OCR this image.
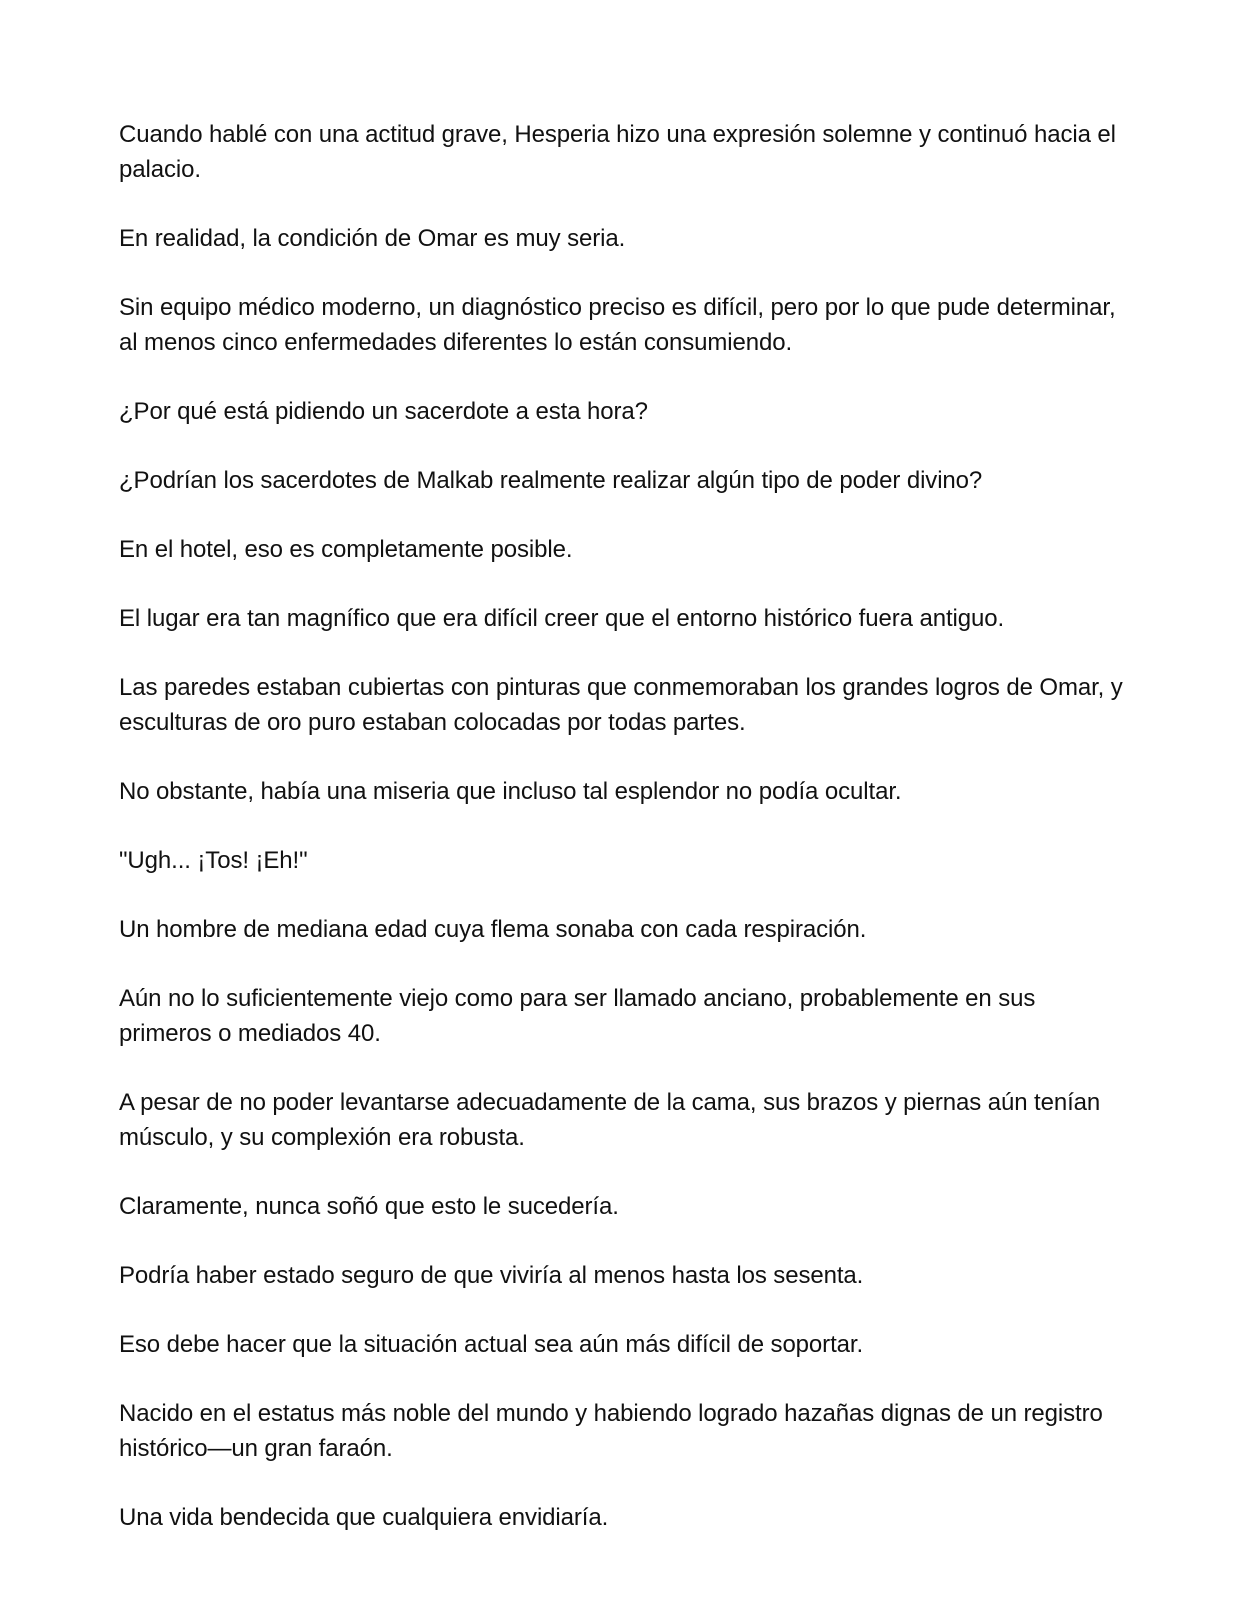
Cuando hablé con una actitud grave, Hesperia hizo una expresión solemne y continuó hacia el palacio.

En realidad, la condición de Omar es muy seria.

Sin equipo médico moderno, un diagnóstico preciso es difícil, pero por lo que pude determinar, al menos cinco enfermedades diferentes lo están consumiendo.

¿Por qué está pidiendo un sacerdote a esta hora?

¿Podrían los sacerdotes de Malkab realmente realizar algún tipo de poder divino?

En el hotel, eso es completamente posible.

El lugar era tan magnífico que era difícil creer que el entorno histórico fuera antiguo.

Las paredes estaban cubiertas con pinturas que conmemoraban los grandes logros de Omar, y esculturas de oro puro estaban colocadas por todas partes.

No obstante, había una miseria que incluso tal esplendor no podía ocultar.

"Ugh... ¡Tos! ¡Eh!"

Un hombre de mediana edad cuya flema sonaba con cada respiración.

Aún no lo suficientemente viejo como para ser llamado anciano, probablemente en sus primeros o mediados 40.

A pesar de no poder levantarse adecuadamente de la cama, sus brazos y piernas aún tenían músculo, y su complexión era robusta.

Claramente, nunca soñó que esto le sucedería.

Podría haber estado seguro de que viviría al menos hasta los sesenta.

Eso debe hacer que la situación actual sea aún más difícil de soportar.

Nacido en el estatus más noble del mundo y habiendo logrado hazañas dignas de un registro histórico—un gran faraón.

Una vida bendecida que cualquiera envidiaría.
